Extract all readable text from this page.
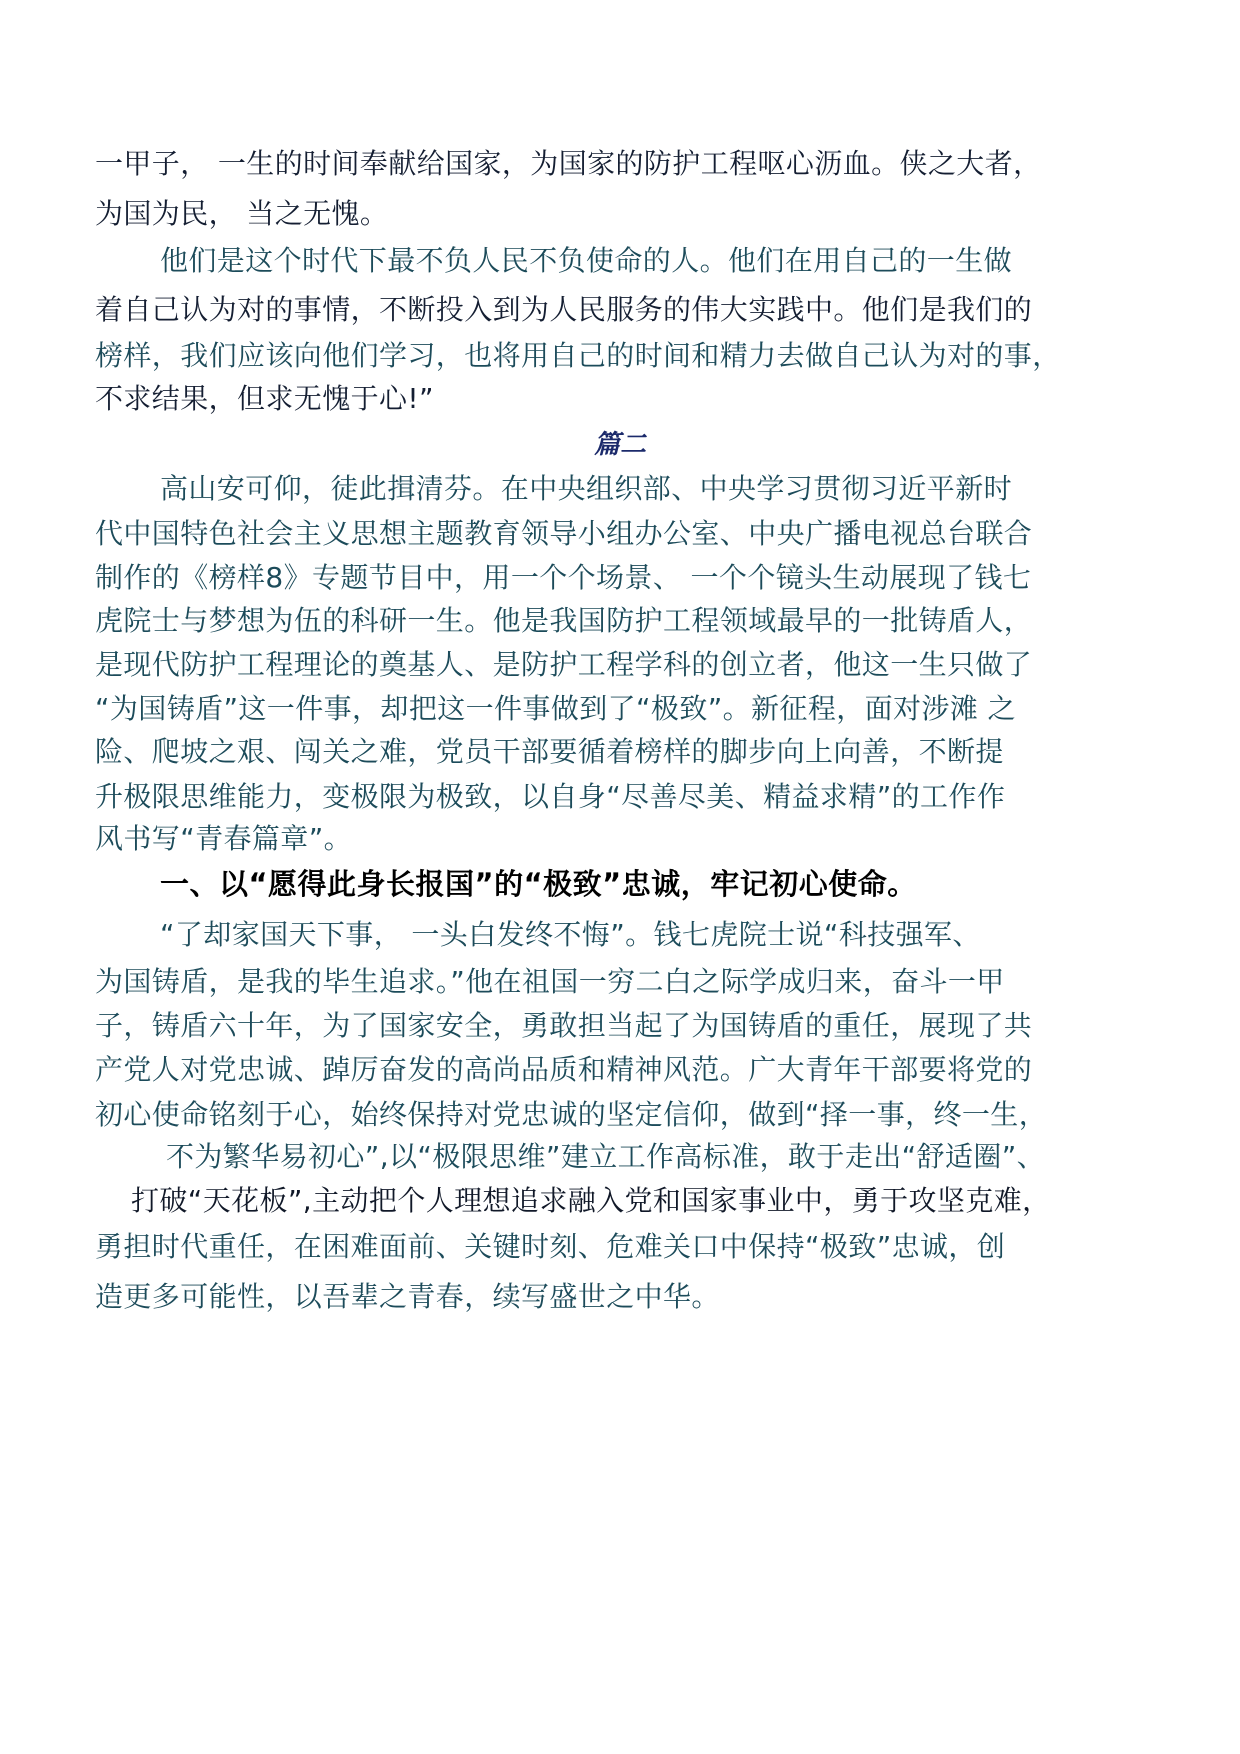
一甲子， 一生的时间奉献给国家，为国家的防护工程呕心沥血。侠之大者，
为国为民， 当之无愧。
他们是这个时代下最不负人民不负使命的人。他们在用自己的一生做
着自己认为对的事情，不断投入到为人民服务的伟大实践中。他们是我们的
榜样，我们应该向他们学习，也将用自己的时间和精力去做自己认为对的事，
不求结果，但求无愧于心!”
篇二
高山安可仰，徒此揖清芬。在中央组织部、中央学习贯彻习近平新时
代中国特色社会主义思想主题教育领导小组办公室、中央广播电视总台联合
制作的《榜样8》专题节目中，用一个个场景、 一个个镜头生动展现了钱七
虎院士与梦想为伍的科研一生。他是我国防护工程领域最早的一批铸盾人，
是现代防护工程理论的奠基人、是防护工程学科的创立者，他这一生只做了
“为国铸盾”这一件事，却把这一件事做到了“极致”。新征程，面对涉滩 之
险、爬坡之艰、闯关之难，党员干部要循着榜样的脚步向上向善，不断提
升极限思维能力，变极限为极致，以自身“尽善尽美、精益求精”的工作作
风书写“青春篇章”。
一、以“愿得此身长报国”的“极致”忠诚，牢记初心使命。
“了却家国天下事， 一头白发终不悔”。钱七虎院士说“科技强军、
为国铸盾，是我的毕生追求。”他在祖国一穷二白之际学成归来，奋斗一甲
子，铸盾六十年，为了国家安全，勇敢担当起了为国铸盾的重任，展现了共
产党人对党忠诚、踔厉奋发的高尚品质和精神风范。广大青年干部要将党的
初心使命铭刻于心，始终保持对党忠诚的坚定信仰，做到“择一事，终一生，
不为繁华易初心”,以“极限思维”建立工作高标准，敢于走出“舒适圈”、
打破“天花板”,主动把个人理想追求融入党和国家事业中，勇于攻坚克难，
勇担时代重任，在困难面前、关键时刻、危难关口中保持“极致”忠诚，创
造更多可能性，以吾辈之青春，续写盛世之中华。
